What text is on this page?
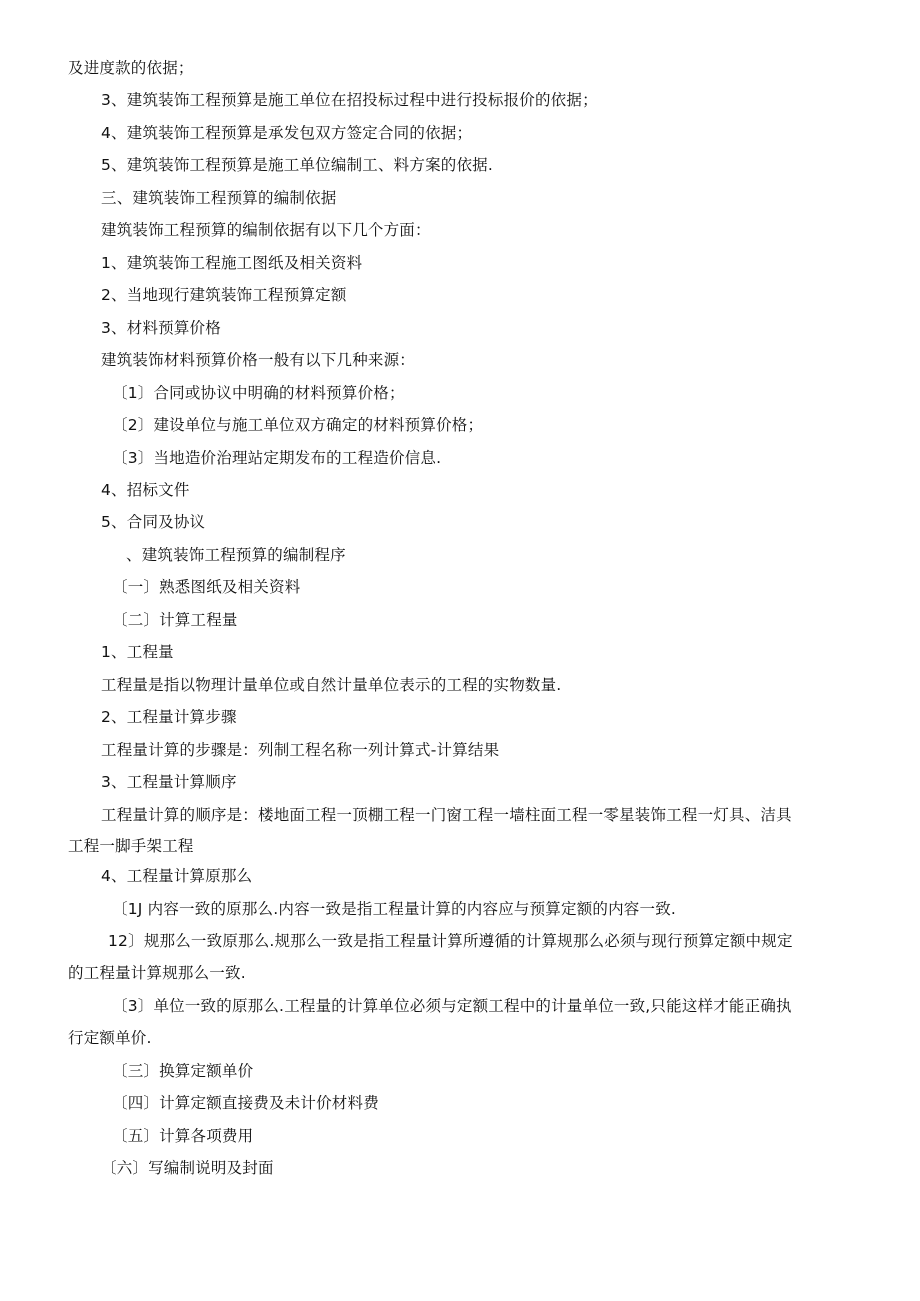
及进度款的依据；
3、建筑装饰工程预算是施工单位在招投标过程中进行投标报价的依据；
4、建筑装饰工程预算是承发包双方签定合同的依据；
5、建筑装饰工程预算是施工单位编制工、料方案的依据.
三、建筑装饰工程预算的编制依据
建筑装饰工程预算的编制依据有以下几个方面：
1、建筑装饰工程施工图纸及相关资料
2、当地现行建筑装饰工程预算定额
3、材料预算价格
建筑装饰材料预算价格一般有以下几种来源：
〔1〕合同或协议中明确的材料预算价格；
〔2〕建设单位与施工单位双方确定的材料预算价格；
〔3〕当地造价治理站定期发布的工程造价信息.
4、招标文件
5、合同及协议
、建筑装饰工程预算的编制程序
〔一〕熟悉图纸及相关资料
〔二〕计算工程量
1、工程量
工程量是指以物理计量单位或自然计量单位表示的工程的实物数量.
2、工程量计算步骤
工程量计算的步骤是：列制工程名称一列计算式-计算结果
3、工程量计算顺序
工程量计算的顺序是：楼地面工程一顶棚工程一门窗工程一墙柱面工程一零星装饰工程一灯具、洁具
工程一脚手架工程
4、工程量计算原那么
〔1J 内容一致的原那么.内容一致是指工程量计算的内容应与预算定额的内容一致.
12〕规那么一致原那么.规那么一致是指工程量计算所遵循的计算规那么必须与现行预算定额中规定
的工程量计算规那么一致.
〔3〕单位一致的原那么.工程量的计算单位必须与定额工程中的计量单位一致,只能这样才能正确执
行定额单价.
〔三〕换算定额单价
〔四〕计算定额直接费及未计价材料费
〔五〕计算各项费用
〔六〕写编制说明及封面
